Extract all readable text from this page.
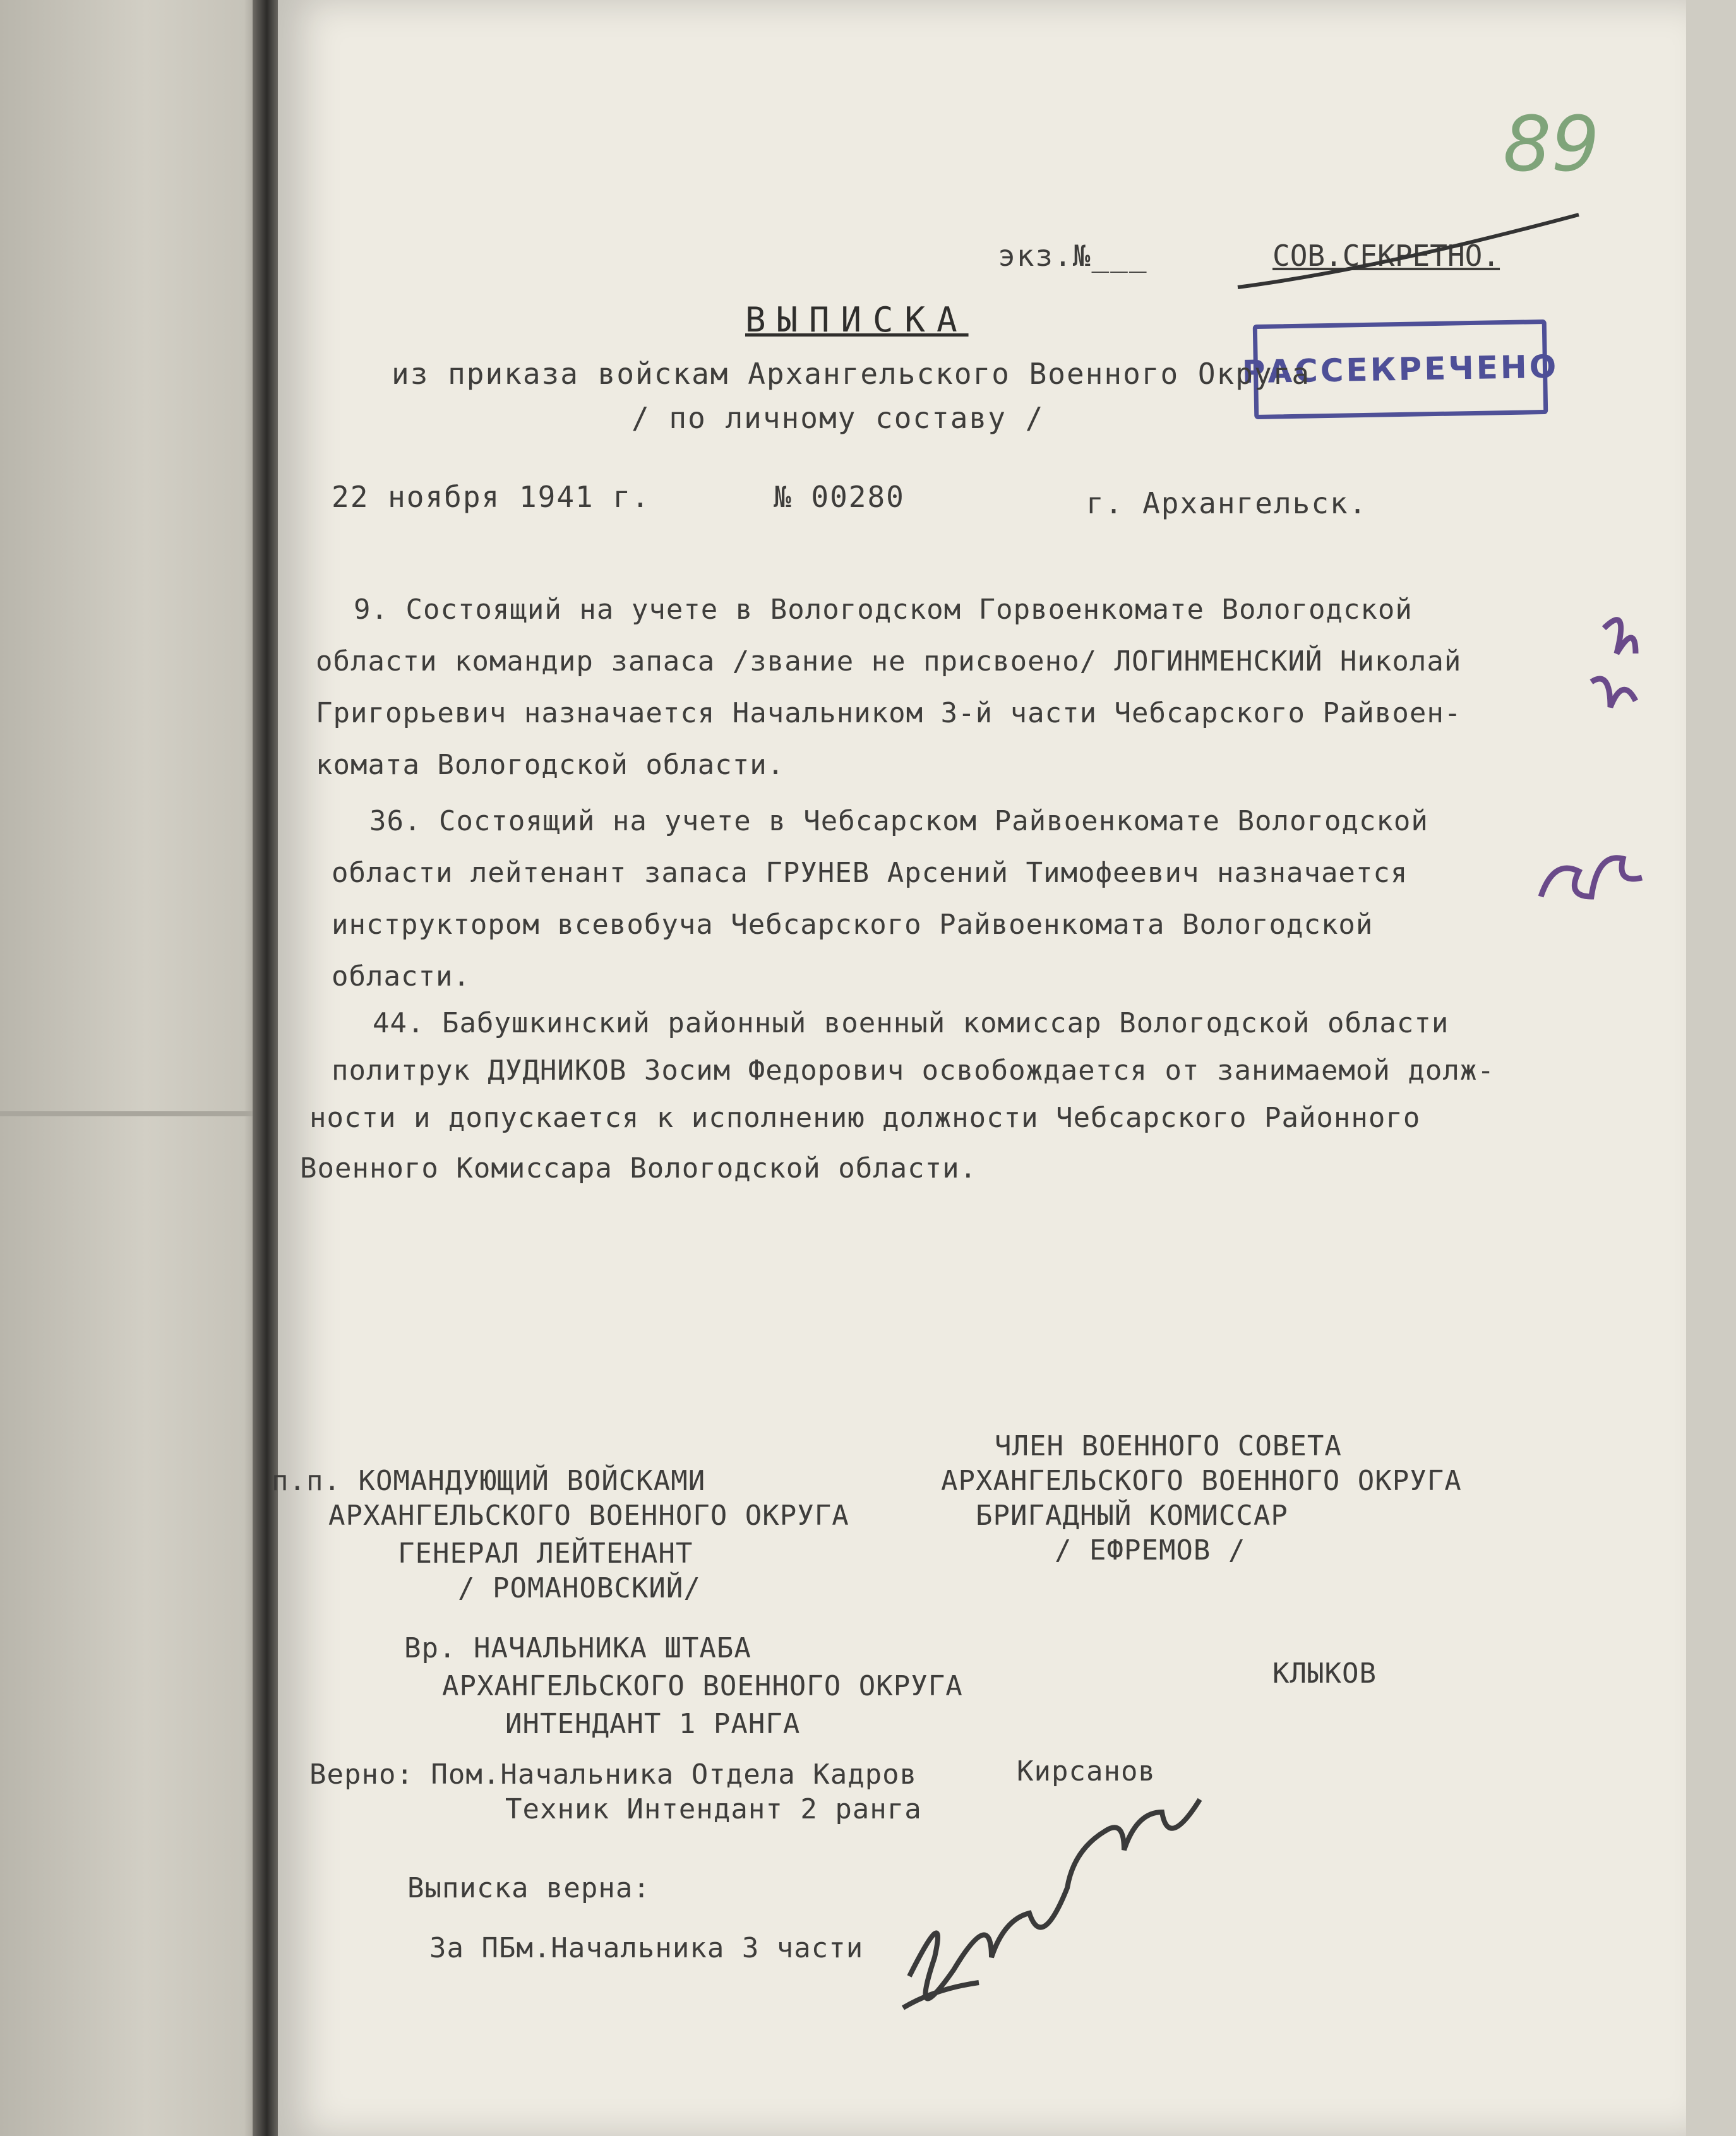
89
экз.№___	СОВ.СЕКРЕТНО.
РАССЕКРЕЧЕНО
ВЫПИСКА
из приказа войскам Архангельского Военного Округа
/ по личному составу /
22 ноября 1941 г.	№ 00280	г. Архангельск.
9. Состоящий на учете в Вологодском Горвоенкомате Вологодской
области командир запаса /звание не присвоено/ ЛОГИНМЕНСКИЙ Николай
Григорьевич назначается Начальником 3-й части Чебсарского Райвоен-
комата Вологодской области.
36. Состоящий на учете в Чебсарском Райвоенкомате Вологодской
области лейтенант запаса ГРУНЕВ Арсений Тимофеевич назначается
инструктором всевобуча Чебсарского Райвоенкомата Вологодской
области.
44. Бабушкинский районный военный комиссар Вологодской области
политрук ДУДНИКОВ Зосим Федорович освобождается от занимаемой долж-
ности и допускается к исполнению должности Чебсарского Районного
Военного Комиссара Вологодской области.
п.п. КОМАНДУЮЩИЙ ВОЙСКАМИ
АРХАНГЕЛЬСКОГО ВОЕННОГО ОКРУГА
ГЕНЕРАЛ ЛЕЙТЕНАНТ
/ РОМАНОВСКИЙ/
ЧЛЕН ВОЕННОГО СОВЕТА
АРХАНГЕЛЬСКОГО ВОЕННОГО ОКРУГА
БРИГАДНЫЙ КОМИССАР
/ ЕФРЕМОВ /
Вр. НАЧАЛЬНИКА ШТАБА
АРХАНГЕЛЬСКОГО ВОЕННОГО ОКРУГА
ИНТЕНДАНТ 1 РАНГА
КЛЫКОВ
Верно: Пом.Начальника Отдела Кадров
Техник Интендант 2 ранга
Кирсанов
Выписка верна:
За ПБм.Начальника 3 части
